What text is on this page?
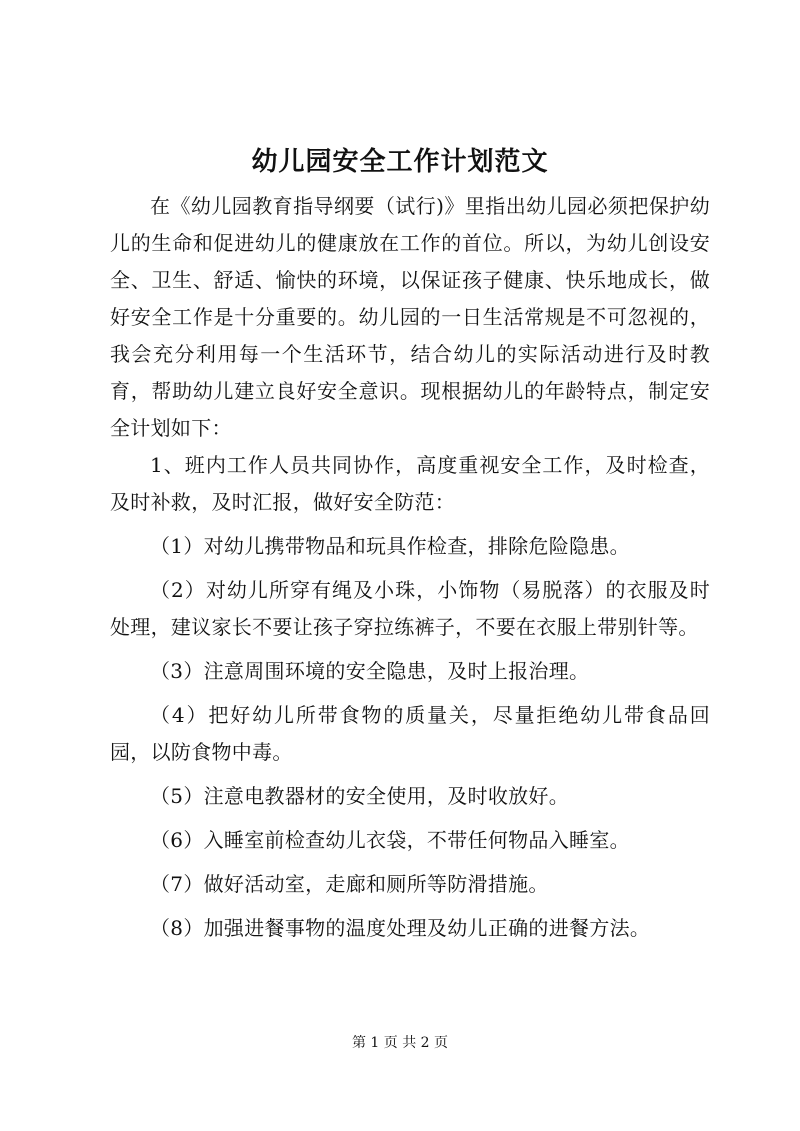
幼儿园安全工作计划范文

在《幼儿园教育指导纲要（试行)》里指出幼儿园必须把保护幼儿的生命和促进幼儿的健康放在工作的首位。所以，为幼儿创设安全、卫生、舒适、愉快的环境，以保证孩子健康、快乐地成长，做好安全工作是十分重要的。幼儿园的一日生活常规是不可忽视的，我会充分利用每一个生活环节，结合幼儿的实际活动进行及时教育，帮助幼儿建立良好安全意识。现根据幼儿的年龄特点，制定安全计划如下：

1、班内工作人员共同协作，高度重视安全工作，及时检查，及时补救，及时汇报，做好安全防范：

（1）对幼儿携带物品和玩具作检查，排除危险隐患。

（2）对幼儿所穿有绳及小珠，小饰物（易脱落）的衣服及时处理，建议家长不要让孩子穿拉练裤子，不要在衣服上带别针等。

（3）注意周围环境的安全隐患，及时上报治理。

（4）把好幼儿所带食物的质量关，尽量拒绝幼儿带食品回园，以防食物中毒。

（5）注意电教器材的安全使用，及时收放好。

（6）入睡室前检查幼儿衣袋，不带任何物品入睡室。

（7）做好活动室，走廊和厕所等防滑措施。

（8）加强进餐事物的温度处理及幼儿正确的进餐方法。

第 1 页 共 2 页
